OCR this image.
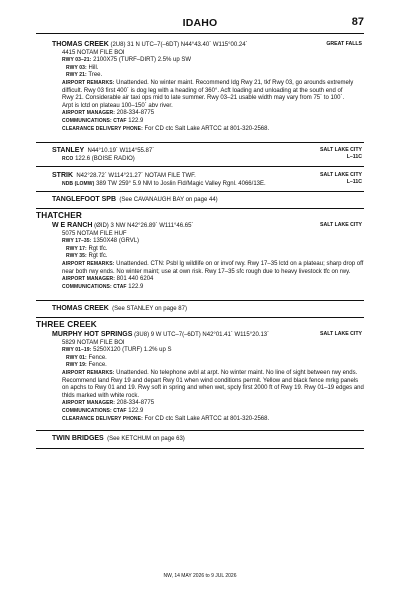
IDAHO	87
GREAT FALLS
THOMAS CREEK (2U8) 31 N UTC–7(–6DT) N44°43.40´ W115°00.24´
4415 NOTAM FILE BOI
RWY 03–21: 2100X75 (TURF–DIRT) 2.5% up SW
RWY 03: Hill.
RWY 21: Tree.
AIRPORT REMARKS: Unattended. No winter maint. Recommend ldg Rwy 21, tkf Rwy 03, go arounds extremely difficult. Rwy 03 first 400´ is dog leg with a heading of 360°. Acft loading and unloading at the south end of Rwy 21. Considerable air taxi ops mid to late summer. Rwy 03–21 usable width may vary from 75´ to 100´. Arpt is lctd on plateau 100–150´ abv river.
AIRPORT MANAGER: 208-334-8775
COMMUNICATIONS: CTAF 122.9
CLEARANCE DELIVERY PHONE: For CD ctc Salt Lake ARTCC at 801-320-2568.
SALT LAKE CITY
L–11C
STANLEY N44°10.19´ W114°55.87´
RCO 122.6 (BOISE RADIO)
SALT LAKE CITY
L–11C
STRIK N42°28.72´ W114°21.27´ NOTAM FILE TWF.
NDB (LOMW) 389 TW 259° 5.9 NM to Joslin Fld/Magic Valley Rgnl. 4066/13E.
TANGLEFOOT SPB (See CAVANAUGH BAY on page 44)
THATCHER
SALT LAKE CITY
W E RANCH (ØID) 3 NW N42°26.89´ W111°46.65´
5075 NOTAM FILE HUF
RWY 17–35: 1350X48 (GRVL)
RWY 17: Rgt tfc.
RWY 35: Rgt tfc.
AIRPORT REMARKS: Unattended. CTN: Psbl lg wildlife on or invof rwy. Rwy 17–35 lctd on a plateau; sharp drop off near both rwy ends. No winter maint; use at own risk. Rwy 17–35 sfc rough due to heavy livestock tfc on rwy.
AIRPORT MANAGER: 801 440 6204
COMMUNICATIONS: CTAF 122.9
THOMAS CREEK (See STANLEY on page 87)
THREE CREEK
SALT LAKE CITY
MURPHY HOT SPRINGS (3U8) 9 W UTC–7(–6DT) N42°01.41´ W115°20.13´
5829 NOTAM FILE BOI
RWY 01–19: 5250X120 (TURF) 1.2% up S
RWY 01: Fence.
RWY 19: Fence.
AIRPORT REMARKS: Unattended. No telephone avbl at arpt. No winter maint. No line of sight between rwy ends. Recommend land Rwy 19 and depart Rwy 01 when wind conditions permit. Yellow and black fence mrkg panels on apchs to Rwy 01 and 19. Rwy soft in spring and when wet, spcly first 2000 ft of Rwy 19. Rwy 01–19 edges and thlds marked with white rock.
AIRPORT MANAGER: 208-334-8775
COMMUNICATIONS: CTAF 122.9
CLEARANCE DELIVERY PHONE: For CD ctc Salt Lake ARTCC at 801-320-2568.
TWIN BRIDGES (See KETCHUM on page 63)
NW, 14 MAY 2026 to 9 JUL 2026
